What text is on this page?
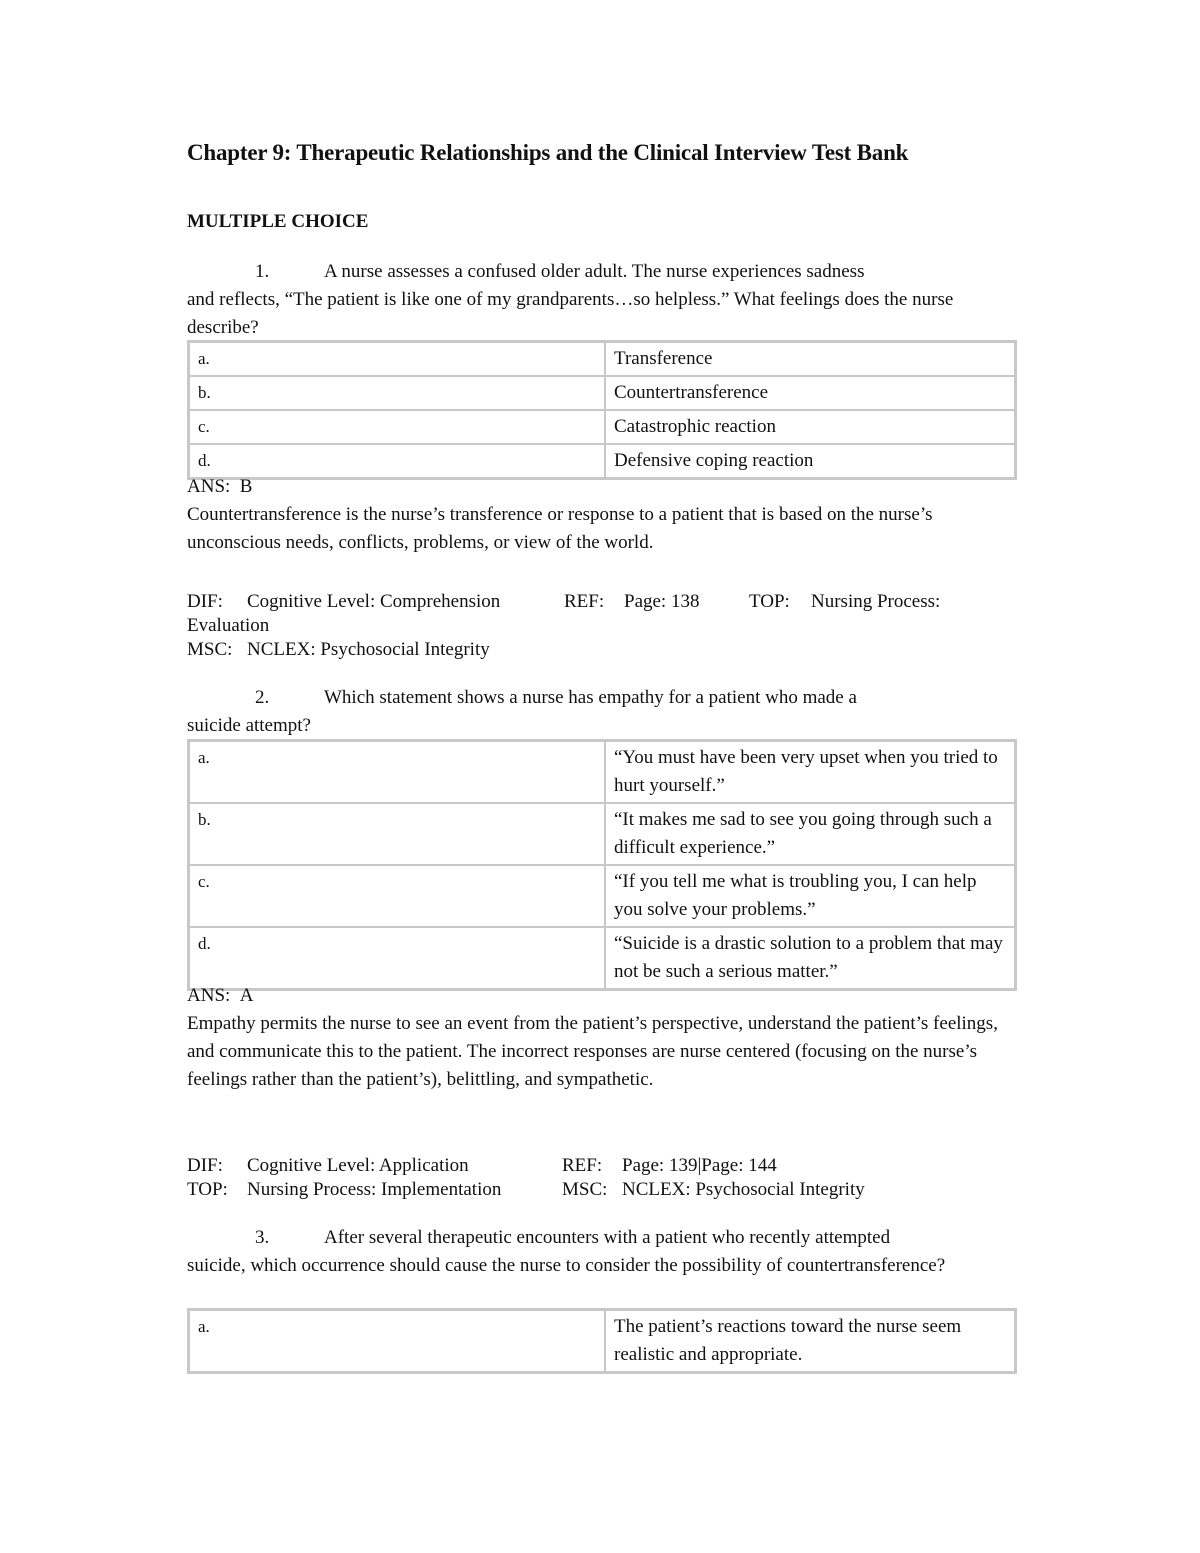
Chapter 9: Therapeutic Relationships and the Clinical Interview Test Bank
MULTIPLE CHOICE
1.	A nurse assesses a confused older adult. The nurse experiences sadness
and reflects, “The patient is like one of my grandparents…so helpless.” What feelings does the nurse describe?
a.	Transference
b.	Countertransference
c.	Catastrophic reaction
d.	Defensive coping reaction
ANS: B
Countertransference is the nurse’s transference or response to a patient that is based on the nurse’s unconscious needs, conflicts, problems, or view of the world.
DIF: Cognitive Level: Comprehension	REF: Page: 138	TOP: Nursing Process:
Evaluation
MSC: NCLEX: Psychosocial Integrity
2.	Which statement shows a nurse has empathy for a patient who made a
suicide attempt?
a.	“You must have been very upset when you tried to hurt yourself.”
b.	“It makes me sad to see you going through such a difficult experience.”
c.	“If you tell me what is troubling you, I can help you solve your problems.”
d.	“Suicide is a drastic solution to a problem that may not be such a serious matter.”
ANS: A
Empathy permits the nurse to see an event from the patient’s perspective, understand the patient’s feelings, and communicate this to the patient. The incorrect responses are nurse centered (focusing on the nurse’s feelings rather than the patient’s), belittling, and sympathetic.
DIF: Cognitive Level: Application	REF: Page: 139|Page: 144
TOP: Nursing Process: Implementation	MSC: NCLEX: Psychosocial Integrity
3.	After several therapeutic encounters with a patient who recently attempted
suicide, which occurrence should cause the nurse to consider the possibility of countertransference?
a.	The patient’s reactions toward the nurse seem realistic and appropriate.
